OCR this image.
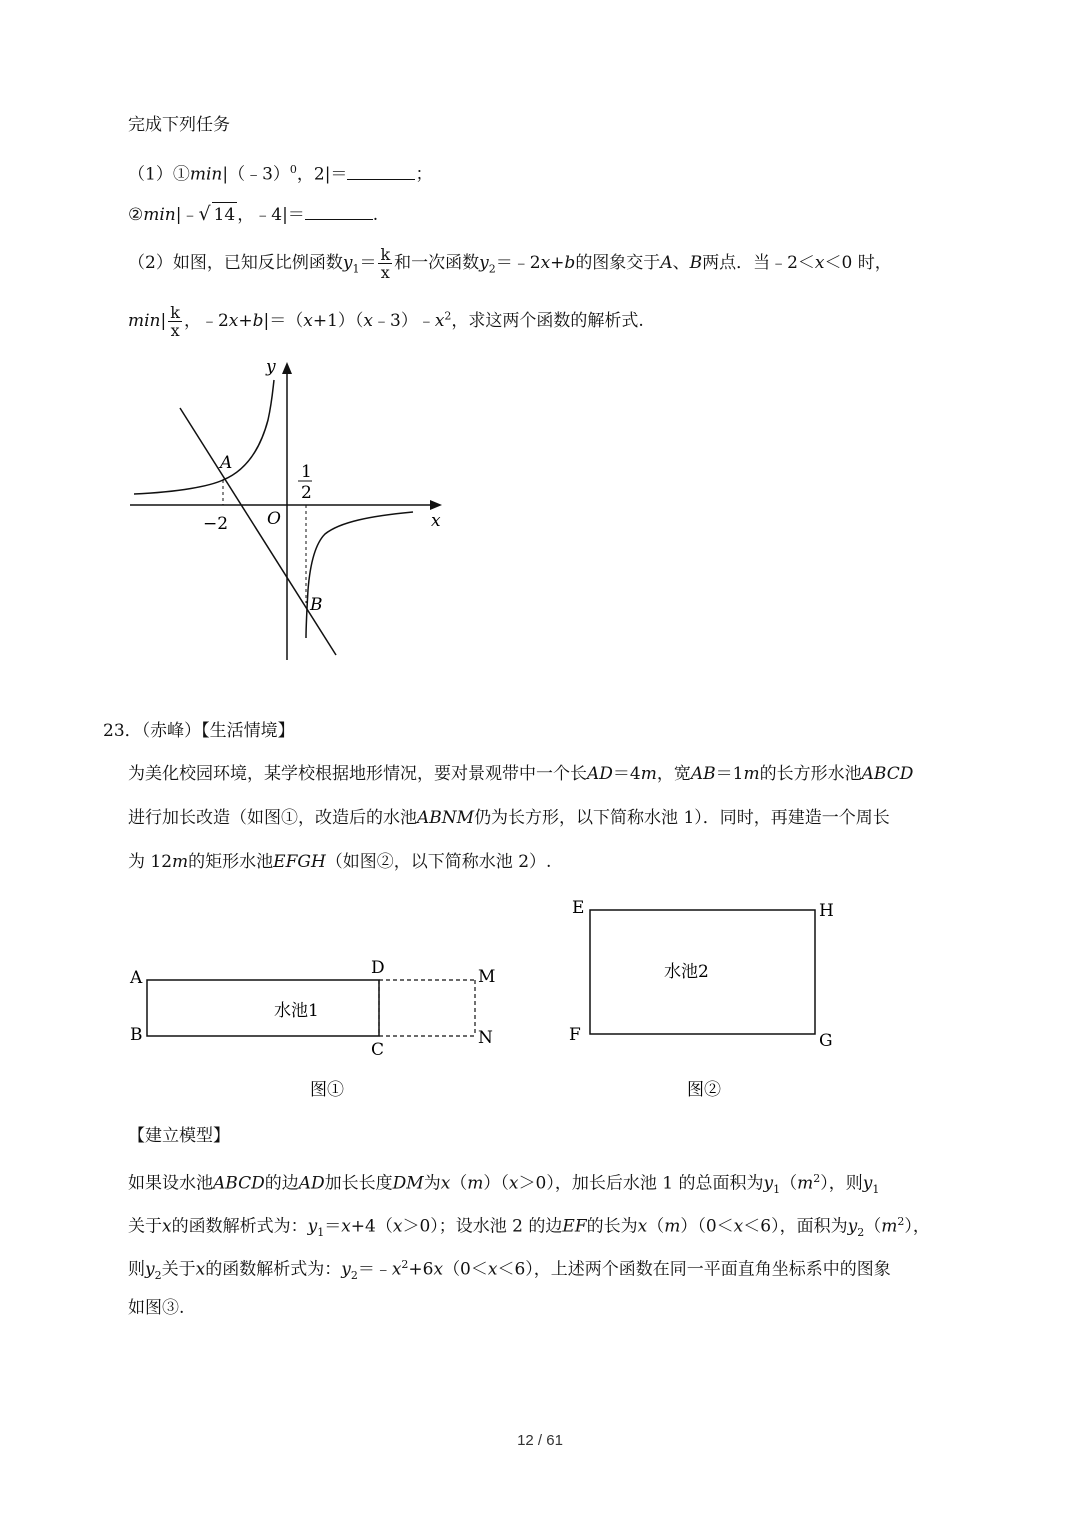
完成下列任务
（1）①min|（﹣3）$^0$，2|＝	；
②min|﹣√ 14 ，﹣4|＝	.
（2）如图，已知反比例函数$y_1= \frac{k}{x}$ 和一次函数$y_2=﹣2x+b$的图象交于A、B两点．当﹣2＜x＜0 时，
$\min| \frac{k}{x}$ ，$﹣2x+b|=(x+1)(x﹣3)﹣x^2$，求这两个函数的解析式.
y
x
O
A
B
−2
1
2
23．（赤峰）【生活情境】
为美化校园环境，某学校根据地形情况，要对景观带中一个长AD＝4m，宽AB＝1m的长方形水池ABCD
进行加长改造（如图①，改造后的水池ABNM仍为长方形，以下简称水池 1）．同时，再建造一个周长
为 12m的矩形水池EFGH（如图②，以下简称水池 2）.
A
B
C
D	M
N
水池1
图①
E
F	G
H
水池2
图②
【建立模型】
如果设水池ABCD的边AD加长长度DM为x（m）（x＞0），加长后水池 1 的总面积为$y_1(m^2)$，则$y_1$
关于x的函数解析式为：$y_1=x+4(x>0)$；设水池 2 的边EF的长为x（m）（0＜x＜6），面积为$y_2(m^2)$，
则$y_2$关于x的函数解析式为：$y_2=﹣x^2+6x(0<x<6)$，上述两个函数在同一平面直角坐标系中的图象
如图③.
12 / 61
